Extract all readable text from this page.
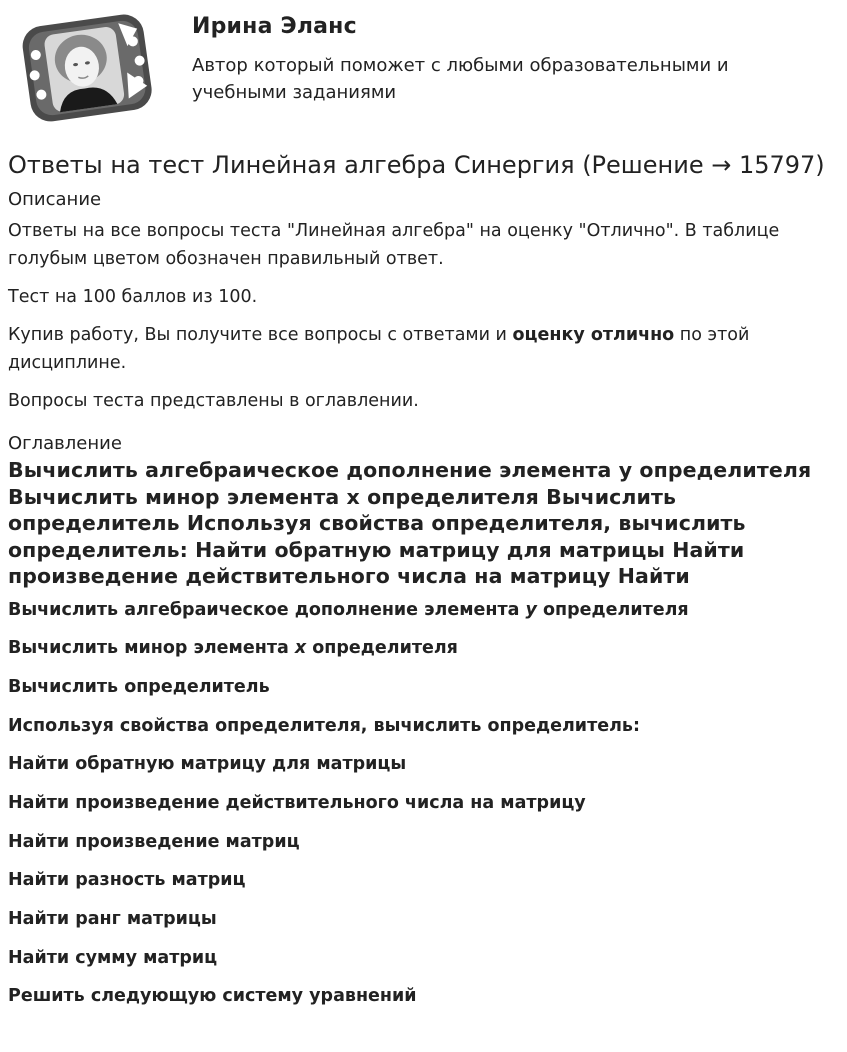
Ирина Эланс

Автор который поможет с любыми образовательными и учебными заданиями

Ответы на тест Линейная алгебра Синергия (Решение → 15797)
Описание

Ответы на все вопросы теста "Линейная алгебра" на оценку "Отлично". В таблице голубым цветом обозначен правильный ответ.

Тест на 100 баллов из 100.

Купив работу, Вы получите все вопросы с ответами и оценку отлично по этой дисциплине.

Вопросы теста представлены в оглавлении.

Оглавление
Вычислить алгебраическое дополнение элемента у определителя Вычислить минор элемента х определителя Вычислить определитель Используя свойства определителя, вычислить определитель: Найти обратную матрицу для матрицы Найти произведение действительного числа на матрицу Найти
Вычислить алгебраическое дополнение элемента у определителя
Вычислить минор элемента х определителя
Вычислить определитель
Используя свойства определителя, вычислить определитель:
Найти обратную матрицу для матрицы
Найти произведение действительного числа на матрицу
Найти произведение матриц
Найти разность матриц
Найти ранг матрицы
Найти сумму матриц
Решить следующую систему уравнений
